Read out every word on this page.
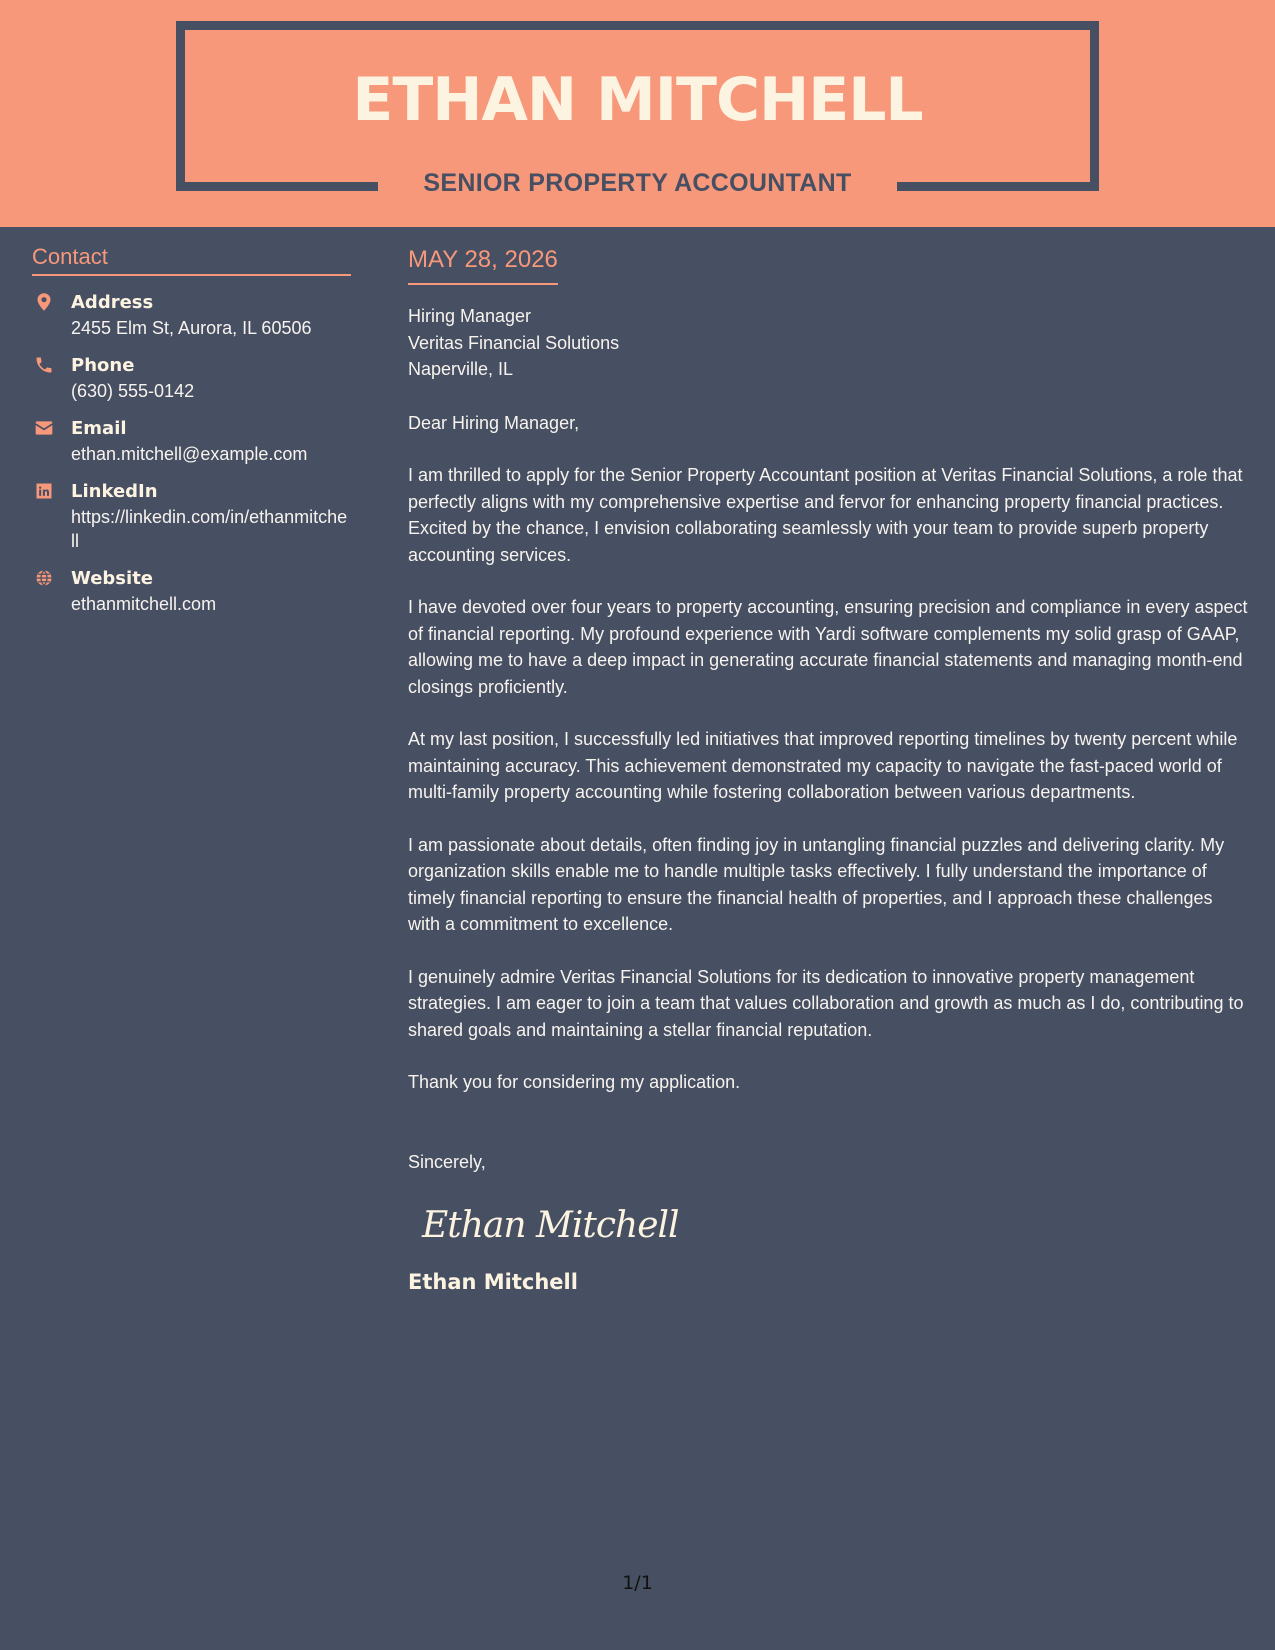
ETHAN MITCHELL
SENIOR PROPERTY ACCOUNTANT
Contact
Address
2455 Elm St, Aurora, IL 60506
Phone
(630) 555-0142
Email
ethan.mitchell@example.com
LinkedIn
https://linkedin.com/in/ethanmitchell
Website
ethanmitchell.com
MAY 28, 2026
Hiring Manager
Veritas Financial Solutions
Naperville, IL
Dear Hiring Manager,

I am thrilled to apply for the Senior Property Accountant position at Veritas Financial Solutions, a role that perfectly aligns with my comprehensive expertise and fervor for enhancing property financial practices. Excited by the chance, I envision collaborating seamlessly with your team to provide superb property accounting services.

I have devoted over four years to property accounting, ensuring precision and compliance in every aspect of financial reporting. My profound experience with Yardi software complements my solid grasp of GAAP, allowing me to have a deep impact in generating accurate financial statements and managing month-end closings proficiently.

At my last position, I successfully led initiatives that improved reporting timelines by twenty percent while maintaining accuracy. This achievement demonstrated my capacity to navigate the fast-paced world of multi-family property accounting while fostering collaboration between various departments.

I am passionate about details, often finding joy in untangling financial puzzles and delivering clarity. My organization skills enable me to handle multiple tasks effectively. I fully understand the importance of timely financial reporting to ensure the financial health of properties, and I approach these challenges with a commitment to excellence.

I genuinely admire Veritas Financial Solutions for its dedication to innovative property management strategies. I am eager to join a team that values collaboration and growth as much as I do, contributing to shared goals and maintaining a stellar financial reputation.

Thank you for considering my application.

Sincerely,
Ethan Mitchell
Ethan Mitchell
1/1
